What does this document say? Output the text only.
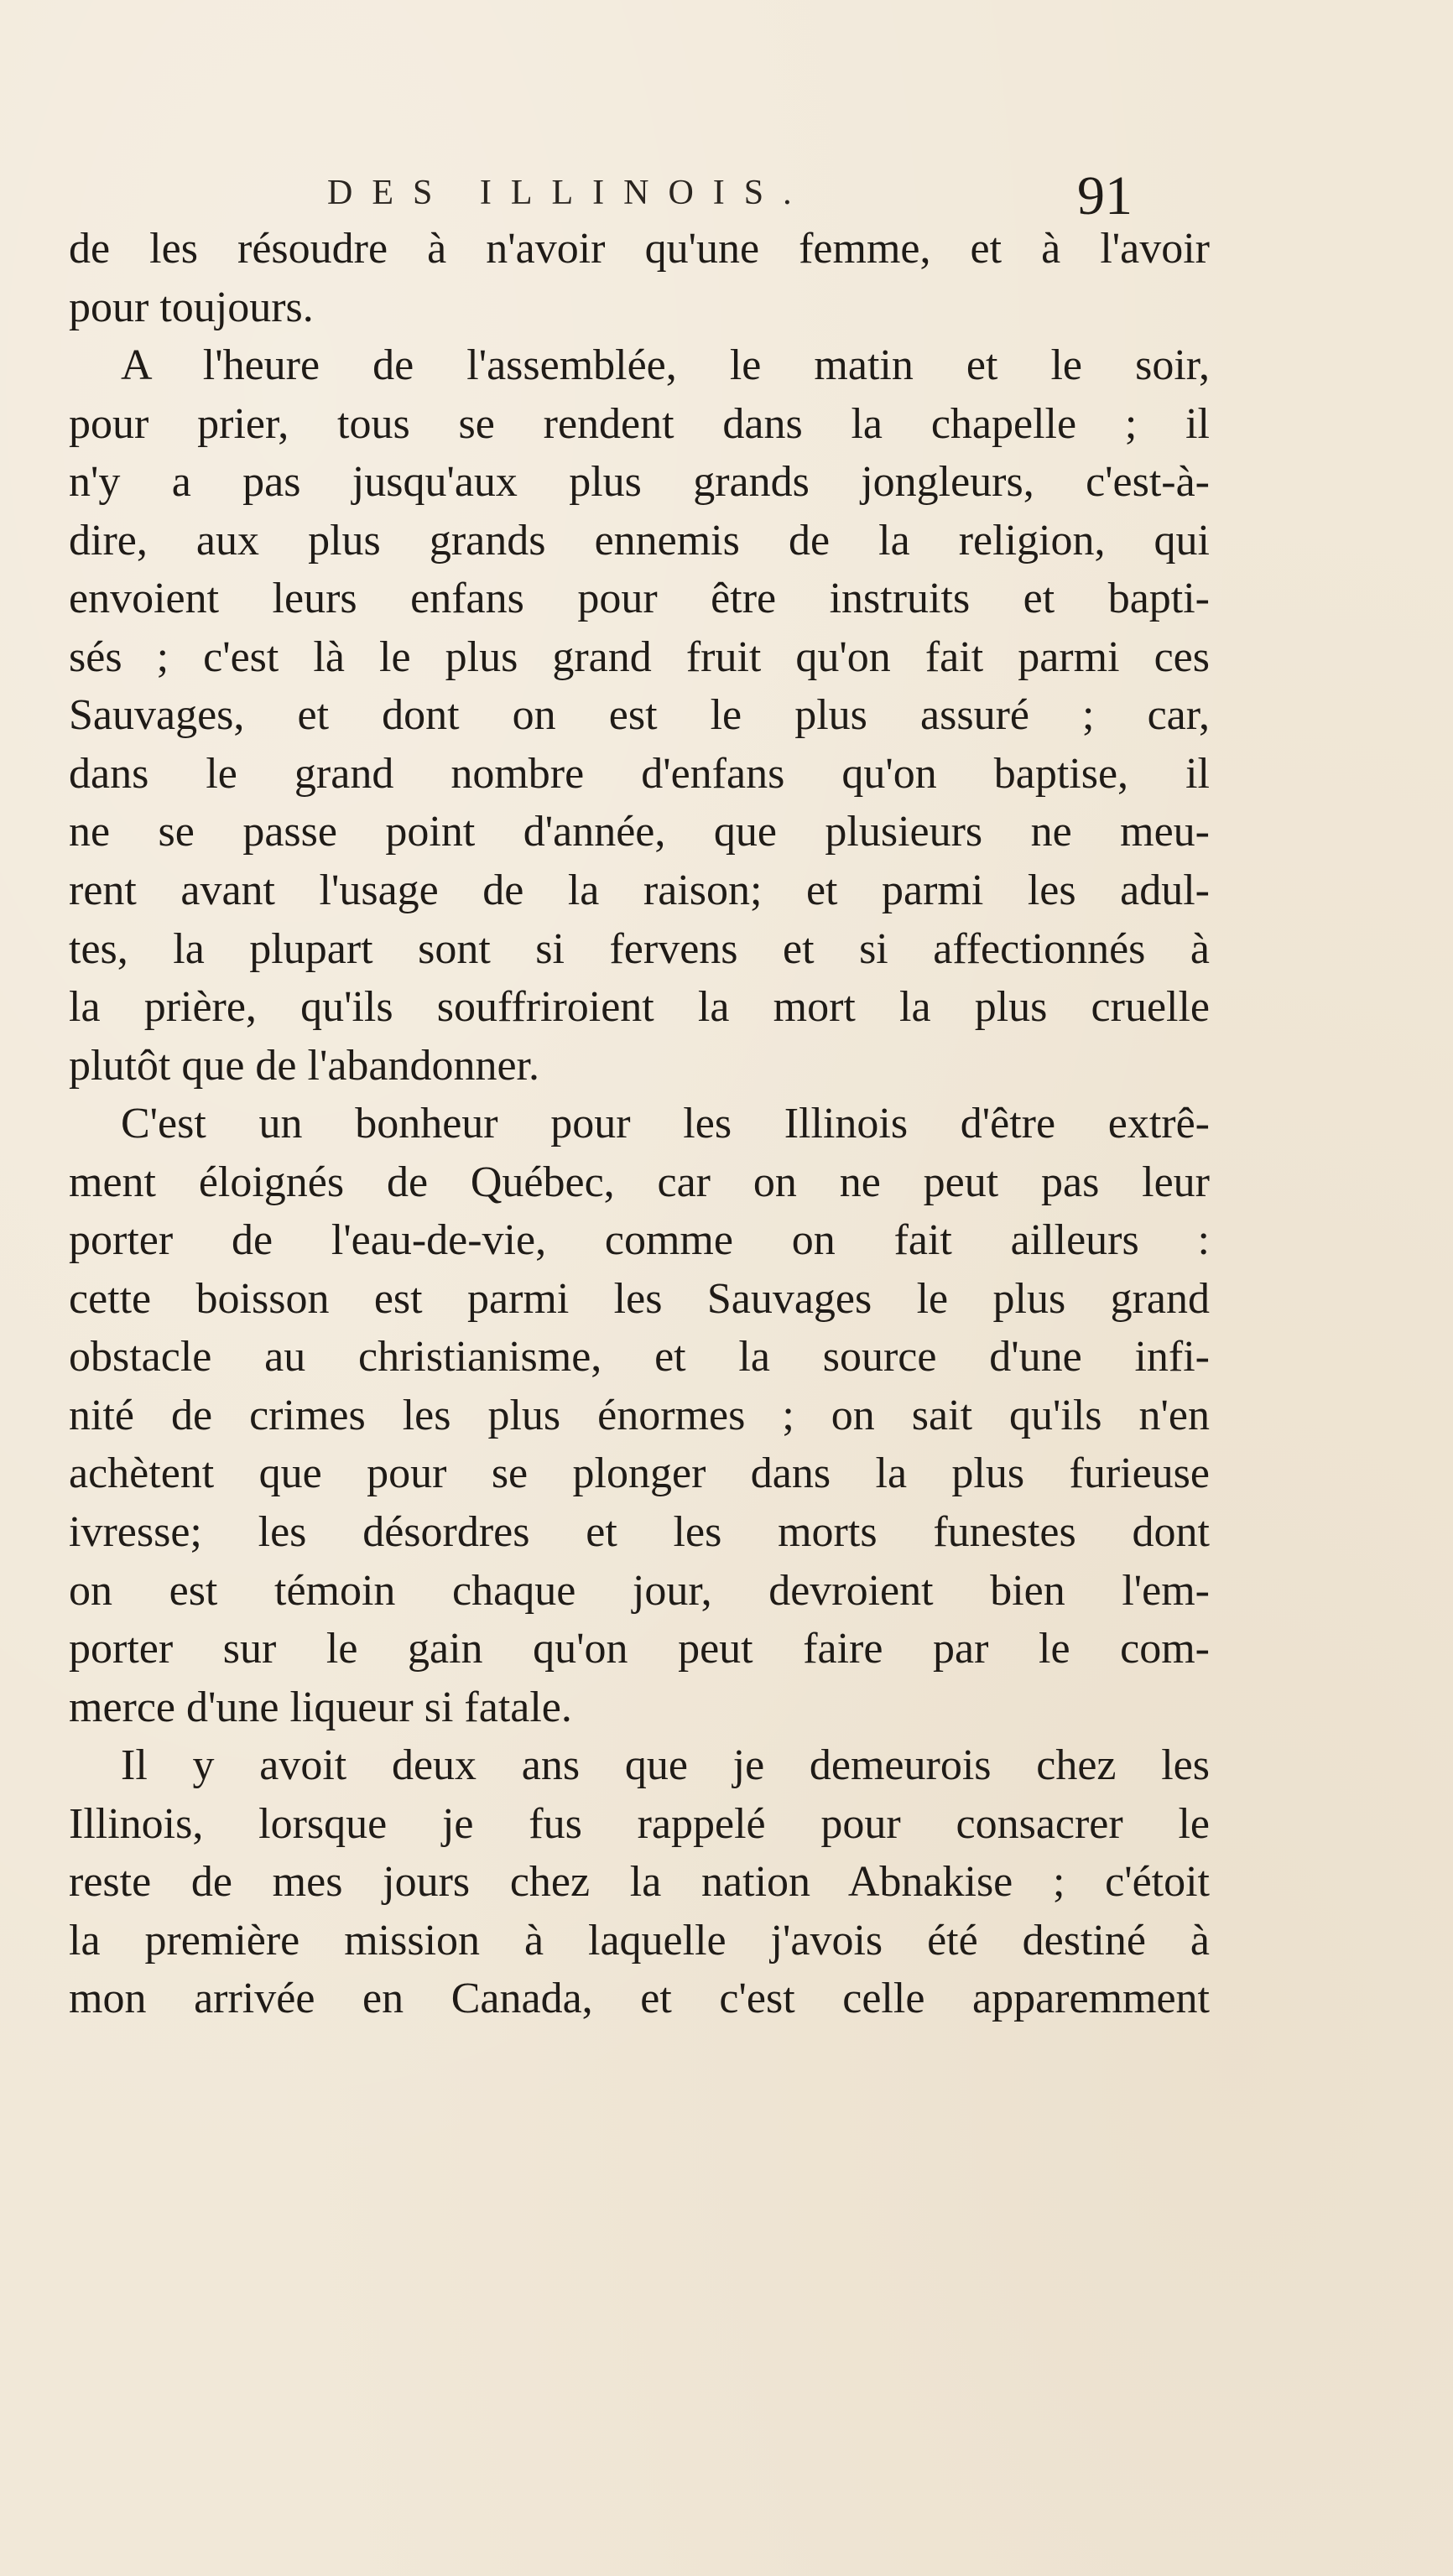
DES ILLINOIS.	91
de les résoudre à n'avoir qu'une femme, et à l'avoir
pour toujours.
A l'heure de l'assemblée, le matin et le soir,
pour prier, tous se rendent dans la chapelle ; il
n'y a pas jusqu'aux plus grands jongleurs, c'est-à-
dire, aux plus grands ennemis de la religion, qui
envoient leurs enfans pour être instruits et bapti-
sés ; c'est là le plus grand fruit qu'on fait parmi ces
Sauvages, et dont on est le plus assuré ; car,
dans le grand nombre d'enfans qu'on baptise, il
ne se passe point d'année, que plusieurs ne meu-
rent avant l'usage de la raison; et parmi les adul-
tes, la plupart sont si fervens et si affectionnés à
la prière, qu'ils souffriroient la mort la plus cruelle
plutôt que de l'abandonner.
C'est un bonheur pour les Illinois d'être extrê-
ment éloignés de Québec, car on ne peut pas leur
porter de l'eau-de-vie, comme on fait ailleurs :
cette boisson est parmi les Sauvages le plus grand
obstacle au christianisme, et la source d'une infi-
nité de crimes les plus énormes ; on sait qu'ils n'en
achètent que pour se plonger dans la plus furieuse
ivresse; les désordres et les morts funestes dont
on est témoin chaque jour, devroient bien l'em-
porter sur le gain qu'on peut faire par le com-
merce d'une liqueur si fatale.
Il y avoit deux ans que je demeurois chez les
Illinois, lorsque je fus rappelé pour consacrer le
reste de mes jours chez la nation Abnakise ; c'étoit
la première mission à laquelle j'avois été destiné à
mon arrivée en Canada, et c'est celle apparemment
